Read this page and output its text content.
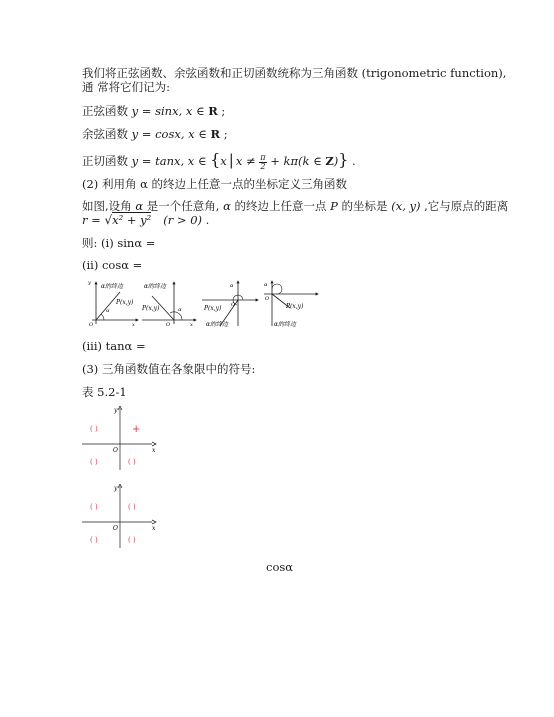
我们将正弦函数、余弦函数和正切函数统称为三角函数 (trigonometric function),
通 常将它们记为:
正弦函数 y = sinx, x ∈ R ;
余弦函数 y = cosx, x ∈ R ;
正切函数 y = tanx, x ∈ {x | $x \ne \frac{\pi}{2} + k\pi(k$ ∈ Z)} .
(2) 利用角 α 的终边上任意一点的坐标定义三角函数
如图,设角 α 是一个任意角, α 的终边上任意一点 P 的坐标是 (x, y) ,它与原点的距离
r = √x² + y² (r > 0) .
则: (i) sinα =
(ii) cosα =
α的终边
P(x,y)
α
y
x
O
α的终边
P(x,y)	α
O	x
α
P(x,y)
α的终边
O
α
P(x,y)
α的终边
O
(iii) tanα =
(3) 三角函数值在各象限中的符号:
表 5.2-1
( )	+
( )	( )
O	x
y
( )	( )
( )	( )
O	x
y
cosα
